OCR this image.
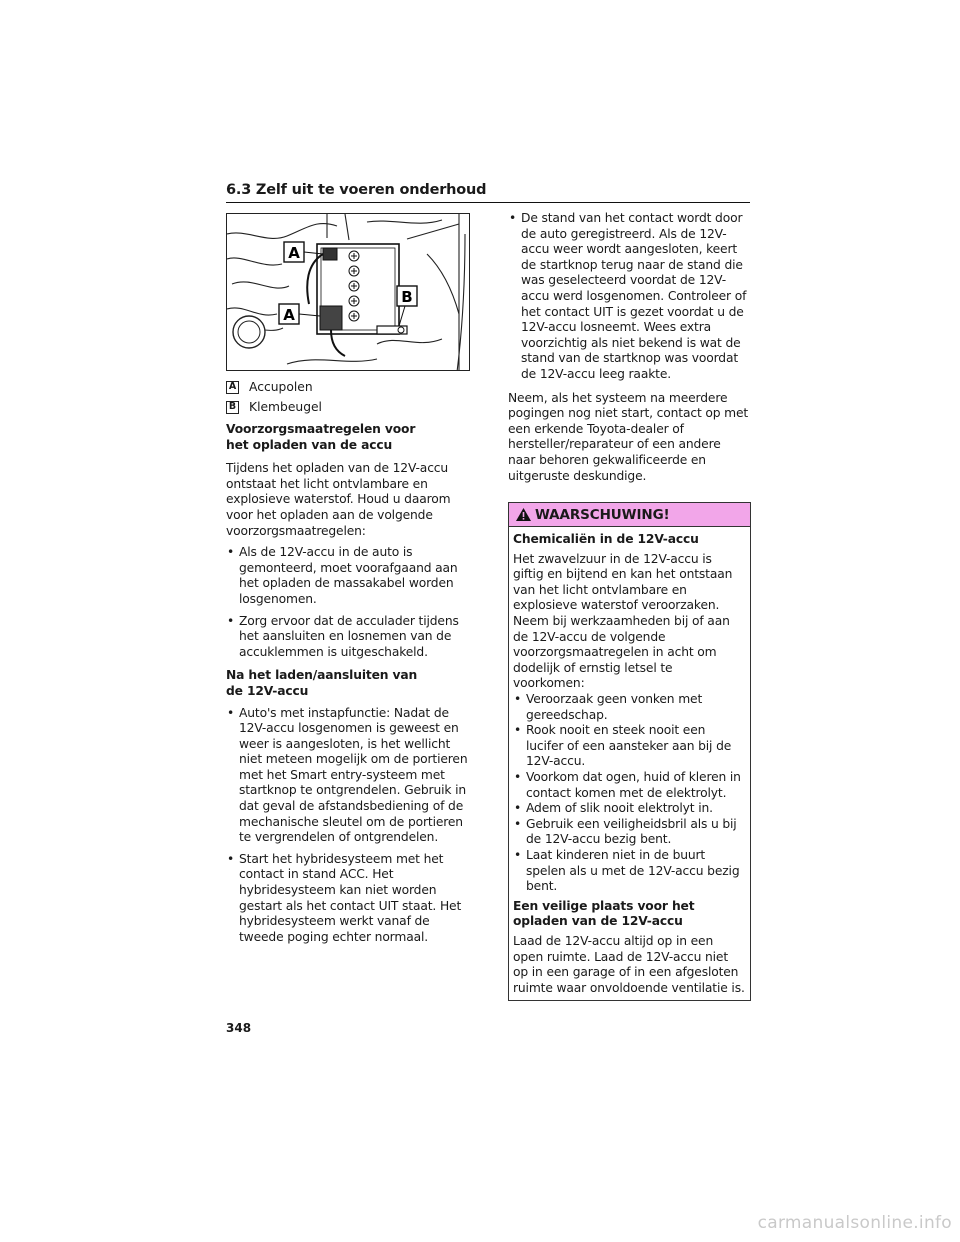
6.3 Zelf uit te voeren onderhoud
A
A
B
A Accupolen
B Klembeugel

Voorzorgsmaatregelen voor het opladen van de accu

Tijdens het opladen van de 12V-accu ontstaat het licht ontvlambare en explosieve waterstof. Houd u daarom voor het opladen aan de volgende voorzorgsmaatregelen:

• Als de 12V-accu in de auto is gemonteerd, moet voorafgaand aan het opladen de massakabel worden losgenomen.
• Zorg ervoor dat de acculader tijdens het aansluiten en losnemen van de accuklemmen is uitgeschakeld.

Na het laden/aansluiten van de 12V-accu

• Auto's met instapfunctie: Nadat de 12V-accu losgenomen is geweest en weer is aangesloten, is het wellicht niet meteen mogelijk om de portieren met het Smart entry-systeem met startknop te ontgrendelen. Gebruik in dat geval de afstandsbediening of de mechanische sleutel om de portieren te vergrendelen of ontgrendelen.
• Start het hybridesysteem met het contact in stand ACC. Het hybridesysteem kan niet worden gestart als het contact UIT staat. Het hybridesysteem werkt vanaf de tweede poging echter normaal.
• De stand van het contact wordt door de auto geregistreerd. Als de 12V-accu weer wordt aangesloten, keert de startknop terug naar de stand die was geselecteerd voordat de 12V-accu werd losgenomen. Controleer of het contact UIT is gezet voordat u de 12V-accu losneemt. Wees extra voorzichtig als niet bekend is wat de stand van de startknop was voordat de 12V-accu leeg raakte.

Neem, als het systeem na meerdere pogingen nog niet start, contact op met een erkende Toyota-dealer of hersteller/reparateur of een andere naar behoren gekwalificeerde en uitgeruste deskundige.

WAARSCHUWING!

Chemicaliën in de 12V-accu

Het zwavelzuur in de 12V-accu is giftig en bijtend en kan het ontstaan van het licht ontvlambare en explosieve waterstof veroorzaken. Neem bij werkzaamheden bij of aan de 12V-accu de volgende voorzorgsmaatregelen in acht om dodelijk of ernstig letsel te voorkomen:

• Veroorzaak geen vonken met gereedschap.
• Rook nooit en steek nooit een lucifer of een aansteker aan bij de 12V-accu.
• Voorkom dat ogen, huid of kleren in contact komen met de elektrolyt.
• Adem of slik nooit elektrolyt in.
• Gebruik een veiligheidsbril als u bij de 12V-accu bezig bent.
• Laat kinderen niet in de buurt spelen als u met de 12V-accu bezig bent.

Een veilige plaats voor het opladen van de 12V-accu

Laad de 12V-accu altijd op in een open ruimte. Laad de 12V-accu niet op in een garage of in een afgesloten ruimte waar onvoldoende ventilatie is.

348
carmanualsonline.info
